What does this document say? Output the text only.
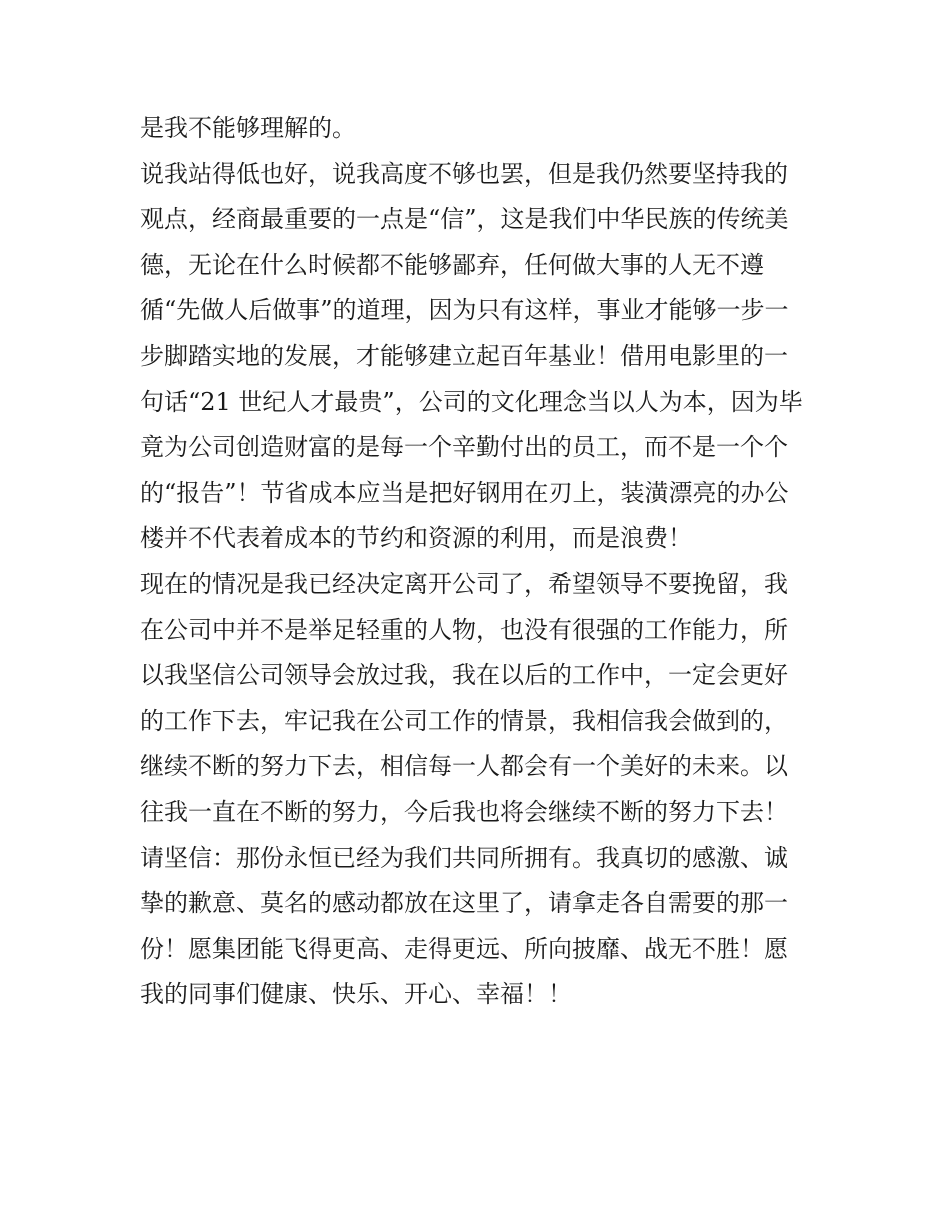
是我不能够理解的。
说我站得低也好，说我高度不够也罢，但是我仍然要坚持我的
观点，经商最重要的一点是“信”，这是我们中华民族的传统美
德，无论在什么时候都不能够鄙弃，任何做大事的人无不遵
循“先做人后做事”的道理，因为只有这样，事业才能够一步一
步脚踏实地的发展，才能够建立起百年基业！借用电影里的一
句话“21 世纪人才最贵”，公司的文化理念当以人为本，因为毕
竟为公司创造财富的是每一个辛勤付出的员工，而不是一个个
的“报告”！节省成本应当是把好钢用在刃上，装潢漂亮的办公
楼并不代表着成本的节约和资源的利用，而是浪费！
现在的情况是我已经决定离开公司了，希望领导不要挽留，我
在公司中并不是举足轻重的人物，也没有很强的工作能力，所
以我坚信公司领导会放过我，我在以后的工作中，一定会更好
的工作下去，牢记我在公司工作的情景，我相信我会做到的，
继续不断的努力下去，相信每一人都会有一个美好的未来。以
往我一直在不断的努力，今后我也将会继续不断的努力下去！
请坚信：那份永恒已经为我们共同所拥有。我真切的感激、诚
挚的歉意、莫名的感动都放在这里了，请拿走各自需要的那一
份！愿集团能飞得更高、走得更远、所向披靡、战无不胜！愿
我的同事们健康、快乐、开心、幸福！！
